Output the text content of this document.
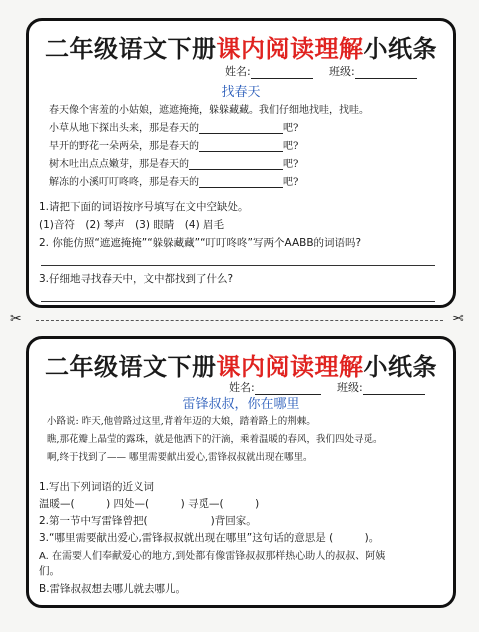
二年级语文下册课内阅读理解小纸条
姓名:	班级:
找春天
春天像个害羞的小姑娘，遮遮掩掩，躲躲藏藏。我们仔细地找哇，找哇。
小草从地下探出头来，那是春天的	吧?
早开的野花一朵两朵，那是春天的	吧?
树木吐出点点嫩芽，那是春天的	吧?
解冻的小溪叮叮咚咚，那是春天的	吧?
1.请把下面的词语按序号填写在文中空缺处。
(1)音符　(2) 琴声　(3) 眼睛　(4) 眉毛
2. 你能仿照“遮遮掩掩”“躲躲藏藏”“叮叮咚咚”写两个AABB的词语吗?
3.仔细地寻找春天中，文中都找到了什么?
✂	✂
二年级语文下册课内阅读理解小纸条
姓名:	班级:
雷锋叔叔，你在哪里
小路说: 昨天,他曾路过这里,背着年迈的大娘，踏着路上的荆棘。
瞧,那花瓣上晶莹的露珠，就是他洒下的汗滴，乘着温暖的春风，我们四处寻觅。
啊,终于找到了—— 哪里需要献出爱心,雷锋叔叔就出现在哪里。
1.写出下列词语的近义词
温暖—(　　　) 四处—(　　　) 寻觅—(　　　)
2.第一节中写雷锋曾把(　　　　　　)背回家。
3.“哪里需要献出爱心,雷锋叔叔就出现在哪里”这句话的意思是 (　　　)。
A. 在需要人们奉献爱心的地方,到处都有像雷锋叔叔那样热心助人的叔叔、阿姨
们。
B.雷锋叔叔想去哪儿就去哪儿。
